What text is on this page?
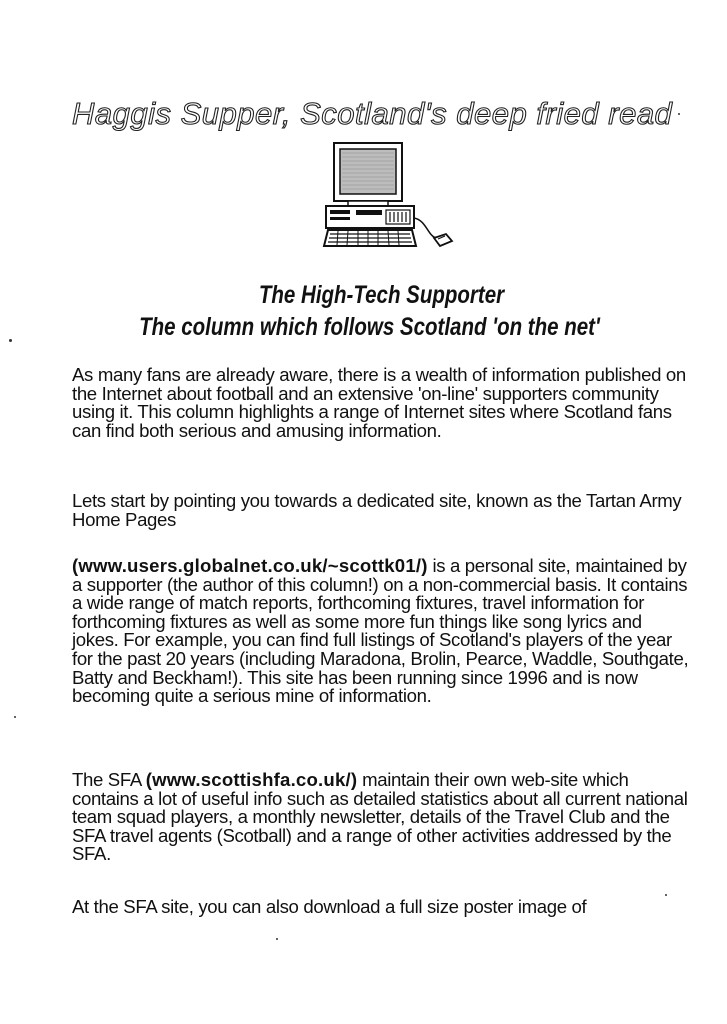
Haggis Supper, Scotland's deep fried read
The High-Tech Supporter
The column which follows Scotland 'on the net'

As many fans are already aware, there is a wealth of information published on the Internet about football and an extensive 'on-line' supporters community using it. This column highlights a range of Internet sites where Scotland fans can find both serious and amusing information.

Lets start by pointing you towards a dedicated site, known as the Tartan Army Home Pages

(www.users.globalnet.co.uk/~scottk01/) is a personal site, maintained by a supporter (the author of this column!) on a non-commercial basis. It contains a wide range of match reports, forthcoming fixtures, travel information for forthcoming fixtures as well as some more fun things like song lyrics and jokes. For example, you can find full listings of Scotland's players of the year for the past 20 years (including Maradona, Brolin, Pearce, Waddle, Southgate, Batty and Beckham!). This site has been running since 1996 and is now becoming quite a serious mine of information.

The SFA (www.scottishfa.co.uk/) maintain their own web-site which contains a lot of useful info such as detailed statistics about all current national team squad players, a monthly newsletter, details of the Travel Club and the SFA travel agents (Scotball) and a range of other activities addressed by the SFA.

At the SFA site, you can also download a full size poster image of
